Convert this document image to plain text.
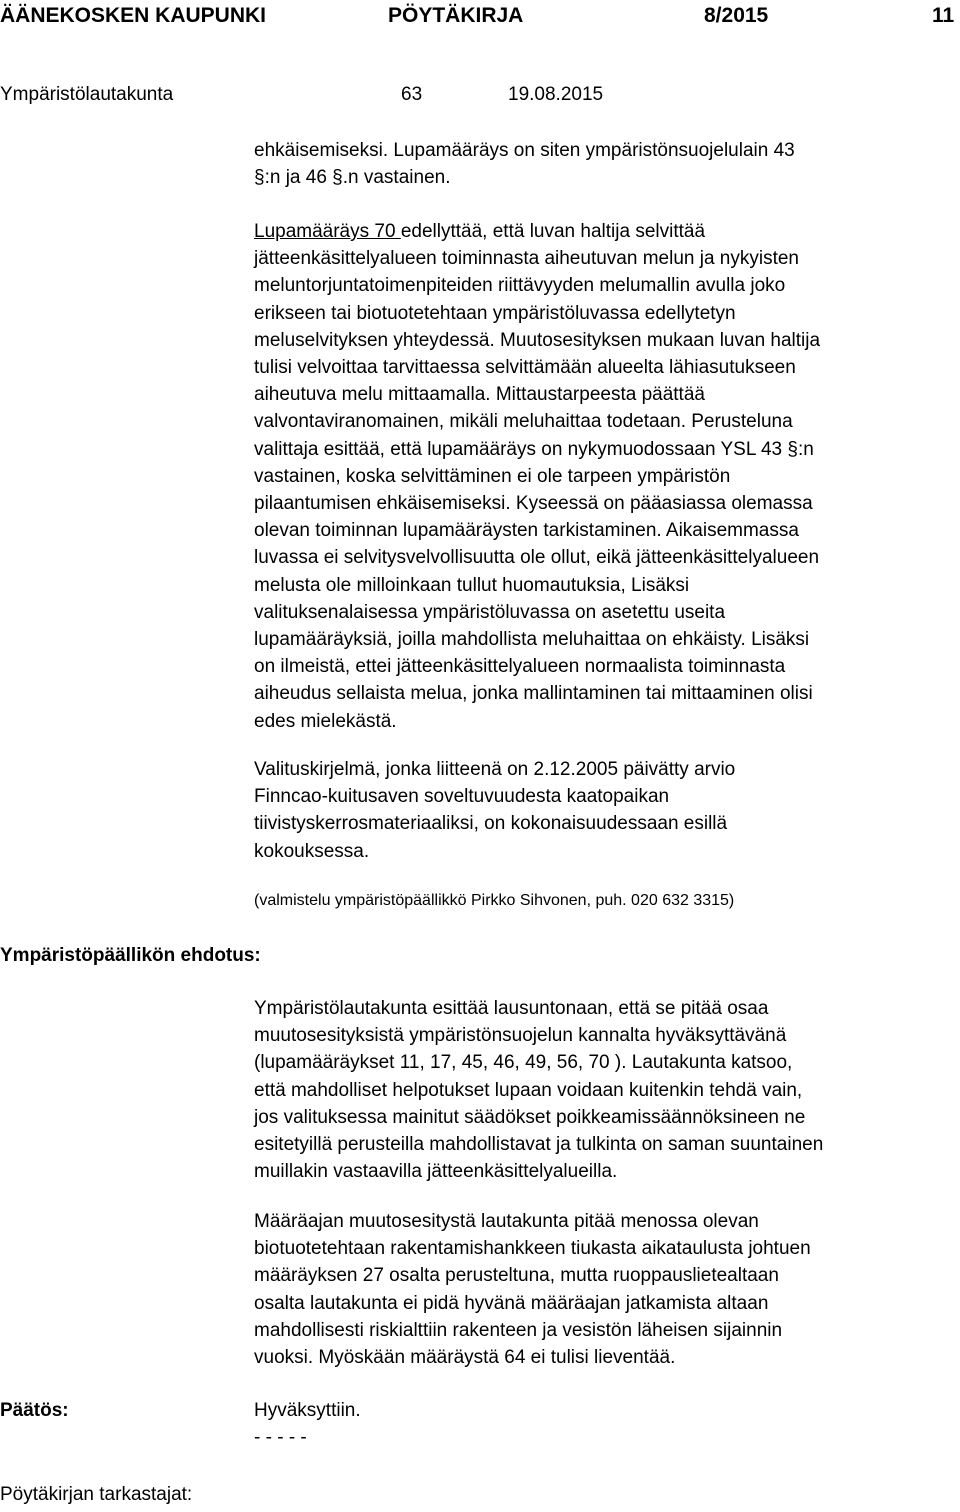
ÄÄNEKOSKEN KAUPUNKI	PÖYTÄKIRJA	8/2015	11
Ympäristölautakunta	63	19.08.2015

ehkäisemiseksi. Lupamääräys on siten ympäristönsuojelulain 43
§:n ja 46 §.n vastainen.

Lupamääräys 70 edellyttää, että luvan haltija selvittää
jätteenkäsittelyalueen toiminnasta aiheutuvan melun ja nykyisten
meluntorjuntatoimenpiteiden riittävyyden melumallin avulla joko
erikseen tai biotuotetehtaan ympäristöluvassa edellytetyn
meluselvityksen yhteydessä. Muutosesityksen mukaan luvan haltija
tulisi velvoittaa tarvittaessa selvittämään alueelta lähiasutukseen
aiheutuva melu mittaamalla. Mittaustarpeesta päättää
valvontaviranomainen, mikäli meluhaittaa todetaan. Perusteluna
valittaja esittää, että lupamääräys on nykymuodossaan YSL 43 §:n
vastainen, koska selvittäminen ei ole tarpeen ympäristön
pilaantumisen ehkäisemiseksi. Kyseessä on pääasiassa olemassa
olevan toiminnan lupamääräysten tarkistaminen. Aikaisemmassa
luvassa ei selvitysvelvollisuutta ole ollut, eikä jätteenkäsittelyalueen
melusta ole milloinkaan tullut huomautuksia, Lisäksi
valituksenalaisessa ympäristöluvassa on asetettu useita
lupamääräyksiä, joilla mahdollista meluhaittaa on ehkäisty. Lisäksi
on ilmeistä, ettei jätteenkäsittelyalueen normaalista toiminnasta
aiheudus sellaista melua, jonka mallintaminen tai mittaaminen olisi
edes mielekästä.

Valituskirjelmä, jonka liitteenä on 2.12.2005 päivätty arvio
Finncao-kuitusaven soveltuvuudesta kaatopaikan
tiivistyskerrosmateriaaliksi, on kokonaisuudessaan esillä
kokouksessa.

(valmistelu ympäristöpäällikkö Pirkko Sihvonen, puh. 020 632 3315)

Ympäristöpäällikön ehdotus:

Ympäristölautakunta esittää lausuntonaan, että se pitää osaa
muutosesityksistä ympäristönsuojelun kannalta hyväksyttävänä
(lupamääräykset 11, 17, 45, 46, 49, 56, 70 ). Lautakunta katsoo,
että mahdolliset helpotukset lupaan voidaan kuitenkin tehdä vain,
jos valituksessa mainitut säädökset poikkeamissäännöksineen ne
esitetyillä perusteilla mahdollistavat ja tulkinta on saman suuntainen
muillakin vastaavilla jätteenkäsittelyalueilla.

Määräajan muutosesitystä lautakunta pitää menossa olevan
biotuotetehtaan rakentamishankkeen tiukasta aikataulusta johtuen
määräyksen 27 osalta perusteltuna, mutta ruoppauslietealtaan
osalta lautakunta ei pidä hyvänä määräajan jatkamista altaan
mahdollisesti riskialttiin rakenteen ja vesistön läheisen sijainnin
vuoksi. Myöskään määräystä 64 ei tulisi lieventää.

Päätös:	Hyväksyttiin.
- - - - -

Pöytäkirjan tarkastajat:
